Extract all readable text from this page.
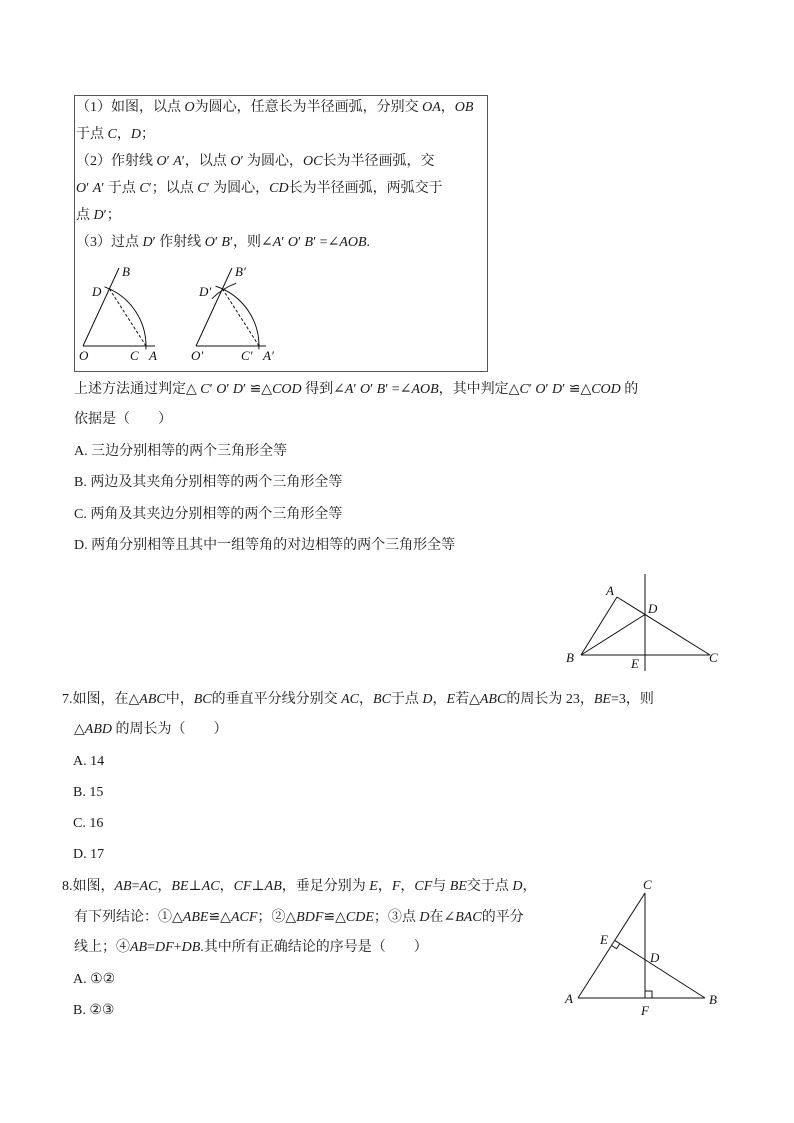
（1）如图，以点 O为圆心，任意长为半径画弧，分别交 OA，OB
于点 C，D；
（2）作射线 O′ A′，以点 O′ 为圆心，OC长为半径画弧，交
O′ A′ 于点 C′；以点 C′ 为圆心，CD长为半径画弧，两弧交于
点 D′；
（3）过点 D′ 作射线 O′ B′，则∠A′ O′ B′ =∠AOB.
B
D
O	C A
B′
D′
O′	C′ A′
上述方法通过判定△ C′ O′ D′ ≌△COD 得到∠A′ O′ B′ =∠AOB，其中判定△C′ O′ D′ ≌△COD 的
依据是（　　）
A. 三边分别相等的两个三角形全等
B. 两边及其夹角分别相等的两个三角形全等
C. 两角及其夹边分别相等的两个三角形全等
D. 两角分别相等且其中一组等角的对边相等的两个三角形全等
A
D
B	E	C
7.如图，在△ABC中，BC的垂直平分线分别交 AC，BC于点 D，E若△ABC的周长为 23，BE=3，则
△ABD 的周长为（　　）
A. 14
B. 15
C. 16
D. 17
C
E
D
A
F
B
8.如图，AB=AC，BE⊥AC，CF⊥AB，垂足分别为 E，F，CF与 BE交于点 D，
有下列结论：①△ABE≌△ACF；②△BDF≌△CDE；③点 D在∠BAC的平分
线上；④AB=DF+DB.其中所有正确结论的序号是（　　）
A. ①②
B. ②③
